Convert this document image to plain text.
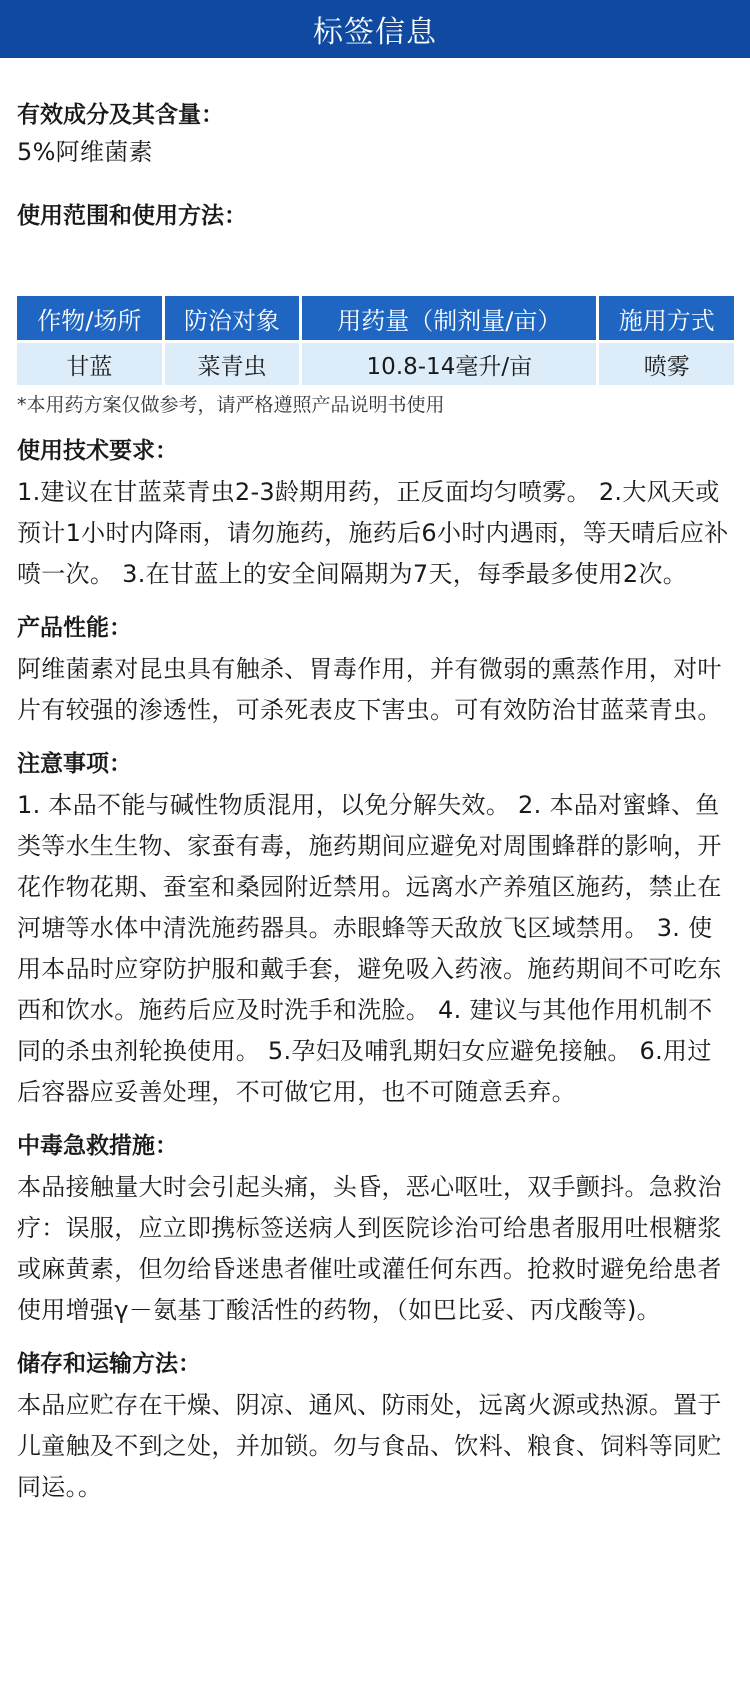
标签信息
有效成分及其含量：
5%阿维菌素
使用范围和使用方法：
作物/场所	防治对象	用药量（制剂量/亩）	施用方式
甘蓝	菜青虫	10.8-14毫升/亩	喷雾
*本用药方案仅做参考，请严格遵照产品说明书使用
使用技术要求：
1.建议在甘蓝菜青虫2-3龄期用药，正反面均匀喷雾。 2.大风天或预计1小时内降雨，请勿施药，施药后6小时内遇雨，等天晴后应补喷一次。 3.在甘蓝上的安全间隔期为7天，每季最多使用2次。
产品性能：
阿维菌素对昆虫具有触杀、胃毒作用，并有微弱的熏蒸作用，对叶片有较强的渗透性，可杀死表皮下害虫。可有效防治甘蓝菜青虫。
注意事项：
1. 本品不能与碱性物质混用，以免分解失效。 2. 本品对蜜蜂、鱼类等水生生物、家蚕有毒，施药期间应避免对周围蜂群的影响，开花作物花期、蚕室和桑园附近禁用。远离水产养殖区施药，禁止在河塘等水体中清洗施药器具。赤眼蜂等天敌放飞区域禁用。 3. 使用本品时应穿防护服和戴手套，避免吸入药液。施药期间不可吃东西和饮水。施药后应及时洗手和洗脸。 4. 建议与其他作用机制不同的杀虫剂轮换使用。 5.孕妇及哺乳期妇女应避免接触。 6.用过后容器应妥善处理，不可做它用，也不可随意丢弃。
中毒急救措施：
本品接触量大时会引起头痛，头昏，恶心呕吐，双手颤抖。急救治疗：误服，应立即携标签送病人到医院诊治可给患者服用吐根糖浆或麻黄素，但勿给昏迷患者催吐或灌任何东西。抢救时避免给患者使用增强γ－氨基丁酸活性的药物，（如巴比妥、丙戊酸等)。
储存和运输方法：
本品应贮存在干燥、阴凉、通风、防雨处，远离火源或热源。置于儿童触及不到之处，并加锁。勿与食品、饮料、粮食、饲料等同贮同运。。
